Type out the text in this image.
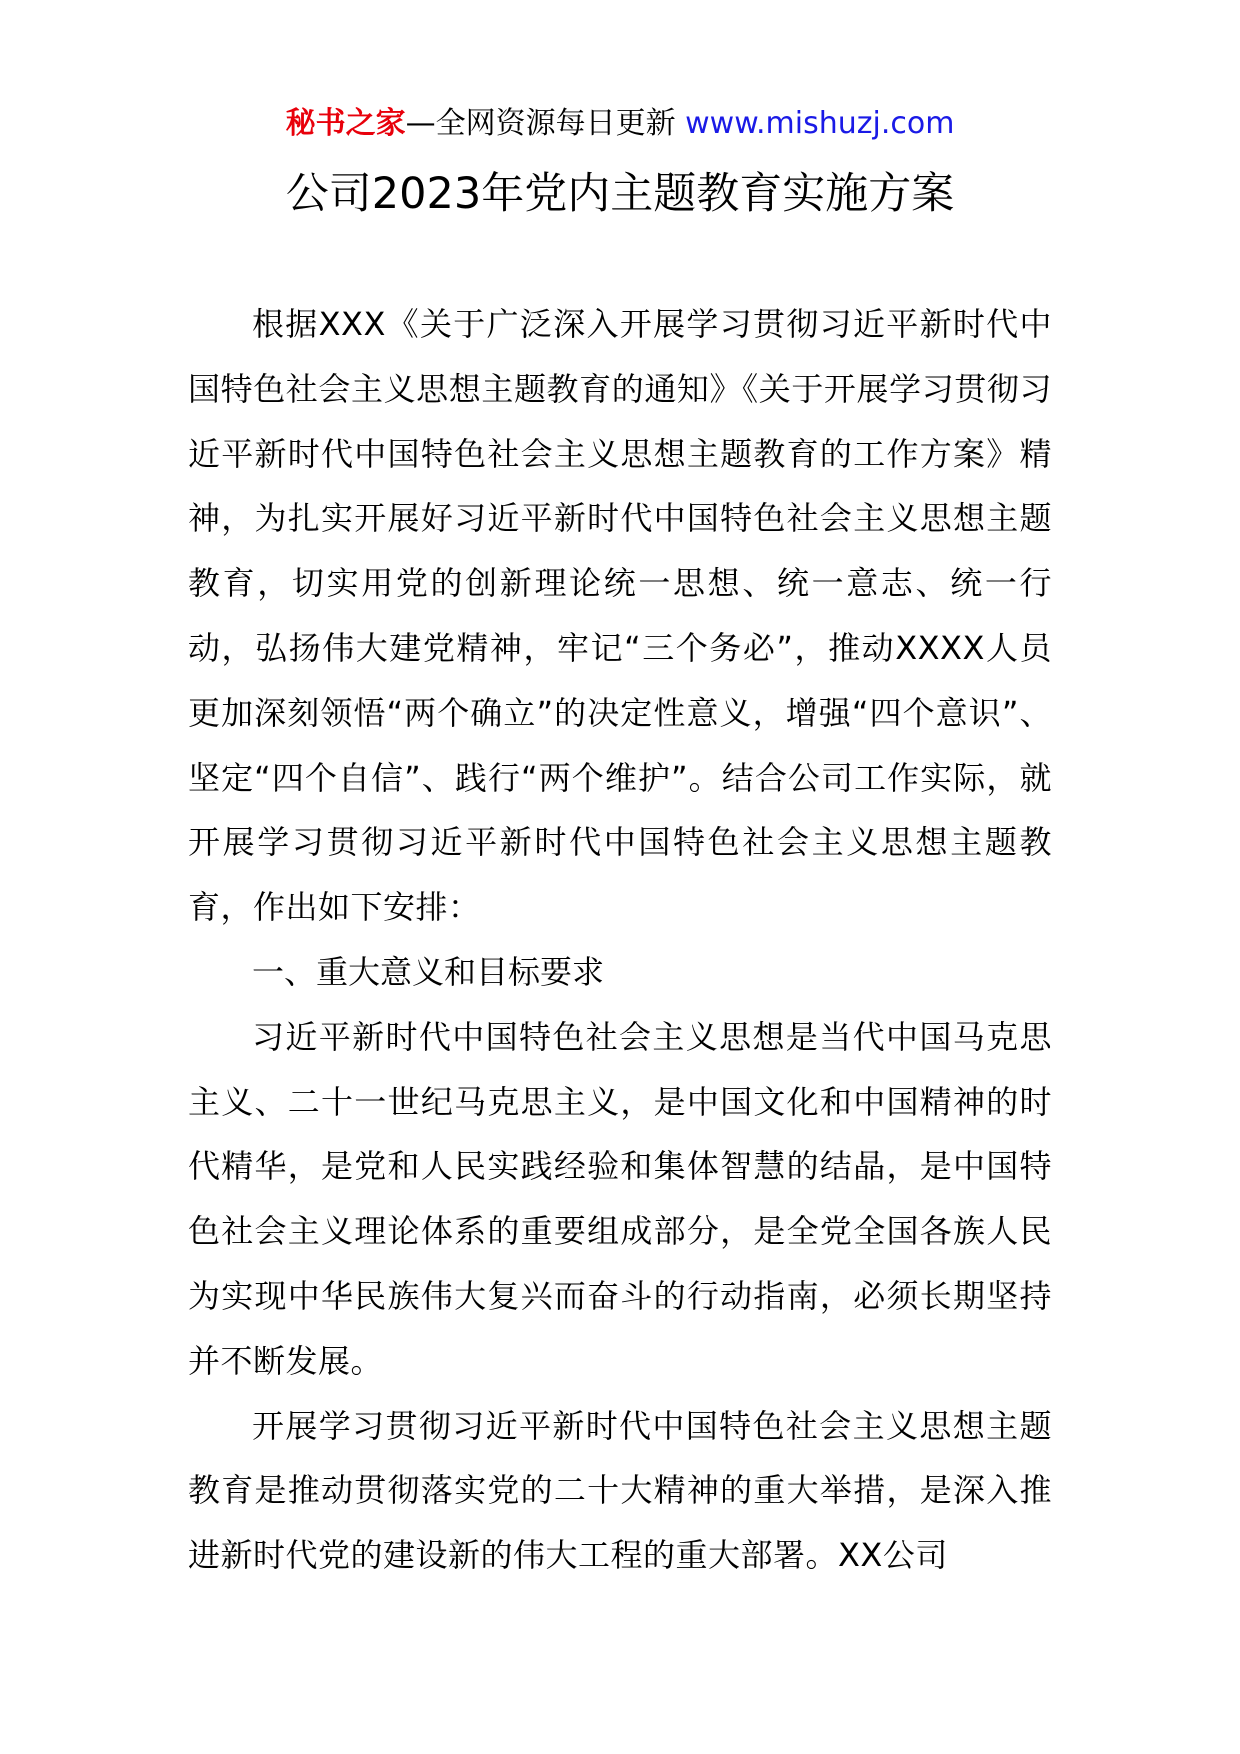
秘书之家—全网资源每日更新 www.mishuzj.com
公司2023年党内主题教育实施方案

根据XXX《关于广泛深入开展学习贯彻习近平新时代中国特色社会主义思想主题教育的通知》《关于开展学习贯彻习近平新时代中国特色社会主义思想主题教育的工作方案》精神，为扎实开展好习近平新时代中国特色社会主义思想主题教育，切实用党的创新理论统一思想、统一意志、统一行动，弘扬伟大建党精神，牢记“三个务必”，推动XXXX人员更加深刻领悟“两个确立”的决定性意义，增强“四个意识”、坚定“四个自信”、践行“两个维护”。结合公司工作实际，就开展学习贯彻习近平新时代中国特色社会主义思想主题教育，作出如下安排：

一、重大意义和目标要求

习近平新时代中国特色社会主义思想是当代中国马克思主义、二十一世纪马克思主义，是中国文化和中国精神的时代精华，是党和人民实践经验和集体智慧的结晶，是中国特色社会主义理论体系的重要组成部分，是全党全国各族人民为实现中华民族伟大复兴而奋斗的行动指南，必须长期坚持并不断发展。

开展学习贯彻习近平新时代中国特色社会主义思想主题教育是推动贯彻落实党的二十大精神的重大举措，是深入推进新时代党的建设新的伟大工程的重大部署。XX公司
